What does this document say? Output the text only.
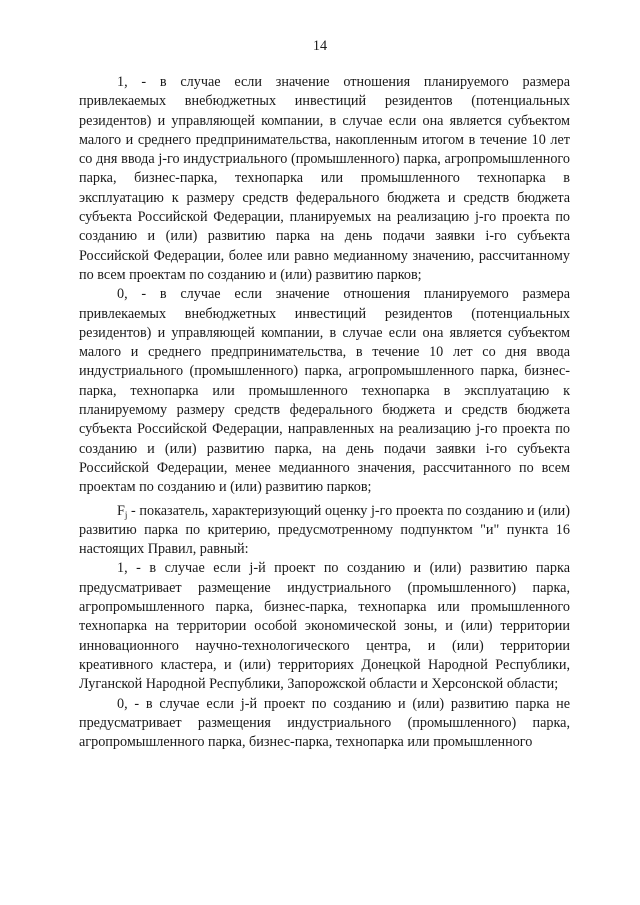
14

1, - в случае если значение отношения планируемого размера привлекаемых внебюджетных инвестиций резидентов (потенциальных резидентов) и управляющей компании, в случае если она является субъектом малого и среднего предпринимательства, накопленным итогом в течение 10 лет со дня ввода j-го индустриального (промышленного) парка, агропромышленного парка, бизнес-парка, технопарка или промышленного технопарка в эксплуатацию к размеру средств федерального бюджета и средств бюджета субъекта Российской Федерации, планируемых на реализацию j-го проекта по созданию и (или) развитию парка на день подачи заявки i-го субъекта Российской Федерации, более или равно медианному значению, рассчитанному по всем проектам по созданию и (или) развитию парков;

0, - в случае если значение отношения планируемого размера привлекаемых внебюджетных инвестиций резидентов (потенциальных резидентов) и управляющей компании, в случае если она является субъектом малого и среднего предпринимательства, в течение 10 лет со дня ввода индустриального (промышленного) парка, агропромышленного парка, бизнес-парка, технопарка или промышленного технопарка в эксплуатацию к планируемому размеру средств федерального бюджета и средств бюджета субъекта Российской Федерации, направленных на реализацию j-го проекта по созданию и (или) развитию парка, на день подачи заявки i-го субъекта Российской Федерации, менее медианного значения, рассчитанного по всем проектам по созданию и (или) развитию парков;

$F_j$ - показатель, характеризующий оценку j-го проекта по созданию и (или) развитию парка по критерию, предусмотренному подпунктом "и" пункта 16 настоящих Правил, равный:

1, - в случае если j-й проект по созданию и (или) развитию парка предусматривает размещение индустриального (промышленного) парка, агропромышленного парка, бизнес-парка, технопарка или промышленного технопарка на территории особой экономической зоны, и (или) территории инновационного научно-технологического центра, и (или) территории креативного кластера, и (или) территориях Донецкой Народной Республики, Луганской Народной Республики, Запорожской области и Херсонской области;

0, - в случае если j-й проект по созданию и (или) развитию парка не предусматривает размещения индустриального (промышленного) парка, агропромышленного парка, бизнес-парка, технопарка или промышленного
